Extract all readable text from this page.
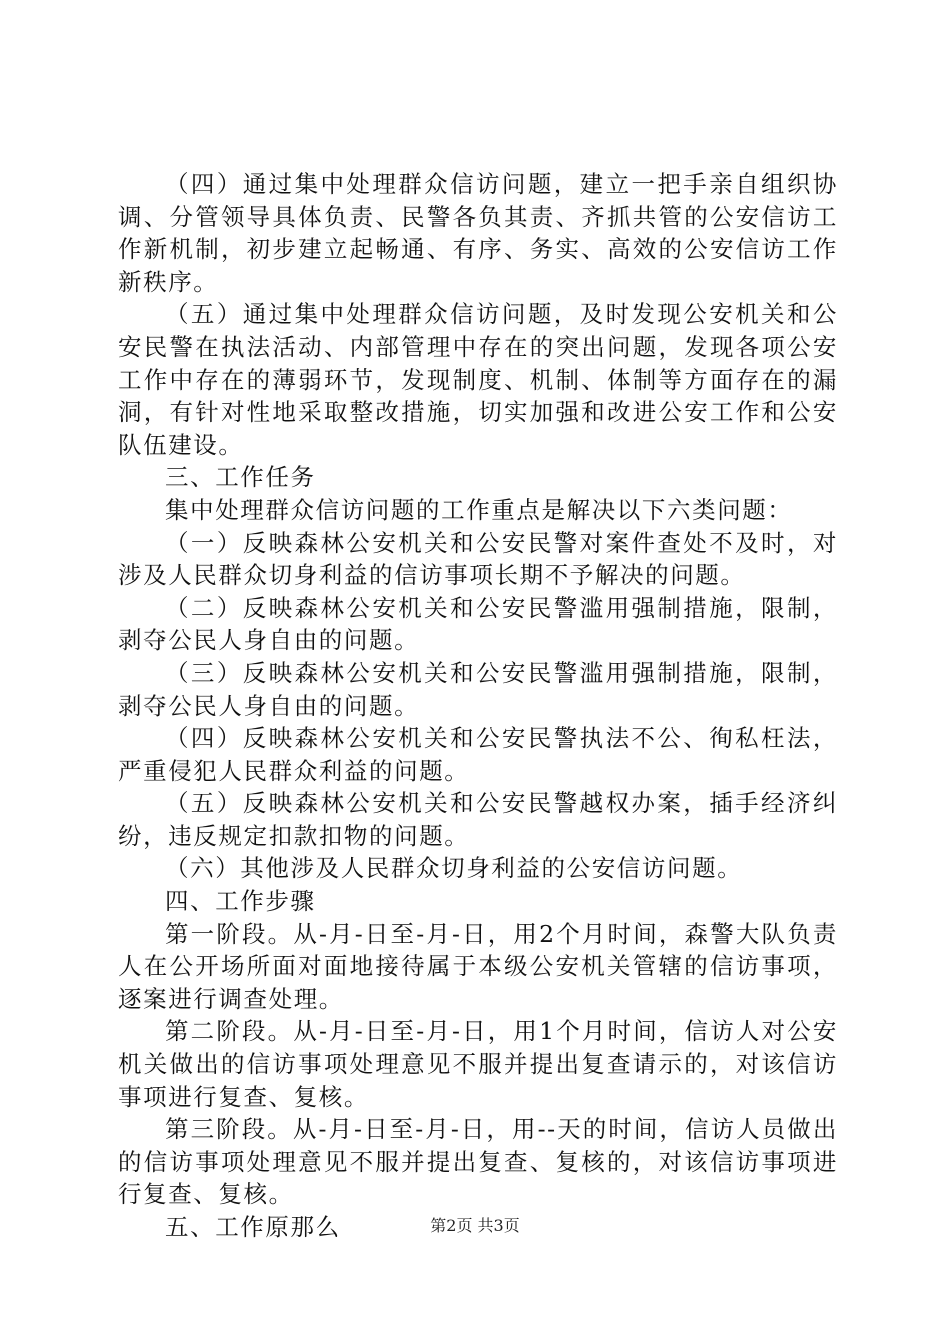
（四）通过集中处理群众信访问题，建立一把手亲自组织协调、分管领导具体负责、民警各负其责、齐抓共管的公安信访工作新机制，初步建立起畅通、有序、务实、高效的公安信访工作新秩序。

（五）通过集中处理群众信访问题，及时发现公安机关和公安民警在执法活动、内部管理中存在的突出问题，发现各项公安工作中存在的薄弱环节，发现制度、机制、体制等方面存在的漏洞，有针对性地采取整改措施，切实加强和改进公安工作和公安队伍建设。

三、工作任务

集中处理群众信访问题的工作重点是解决以下六类问题：

（一）反映森林公安机关和公安民警对案件查处不及时，对涉及人民群众切身利益的信访事项长期不予解决的问题。

（二）反映森林公安机关和公安民警滥用强制措施，限制，剥夺公民人身自由的问题。

（三）反映森林公安机关和公安民警滥用强制措施，限制，剥夺公民人身自由的问题。

（四）反映森林公安机关和公安民警执法不公、徇私枉法，严重侵犯人民群众利益的问题。

（五）反映森林公安机关和公安民警越权办案，插手经济纠纷，违反规定扣款扣物的问题。

（六）其他涉及人民群众切身利益的公安信访问题。

四、工作步骤

第一阶段。从-月-日至-月-日，用2个月时间，森警大队负责人在公开场所面对面地接待属于本级公安机关管辖的信访事项，逐案进行调查处理。

第二阶段。从-月-日至-月-日，用1个月时间，信访人对公安机关做出的信访事项处理意见不服并提出复查请示的，对该信访事项进行复查、复核。

第三阶段。从-月-日至-月-日，用--天的时间，信访人员做出的信访事项处理意见不服并提出复查、复核的，对该信访事项进行复查、复核。

五、工作原那么	第2页 共3页
